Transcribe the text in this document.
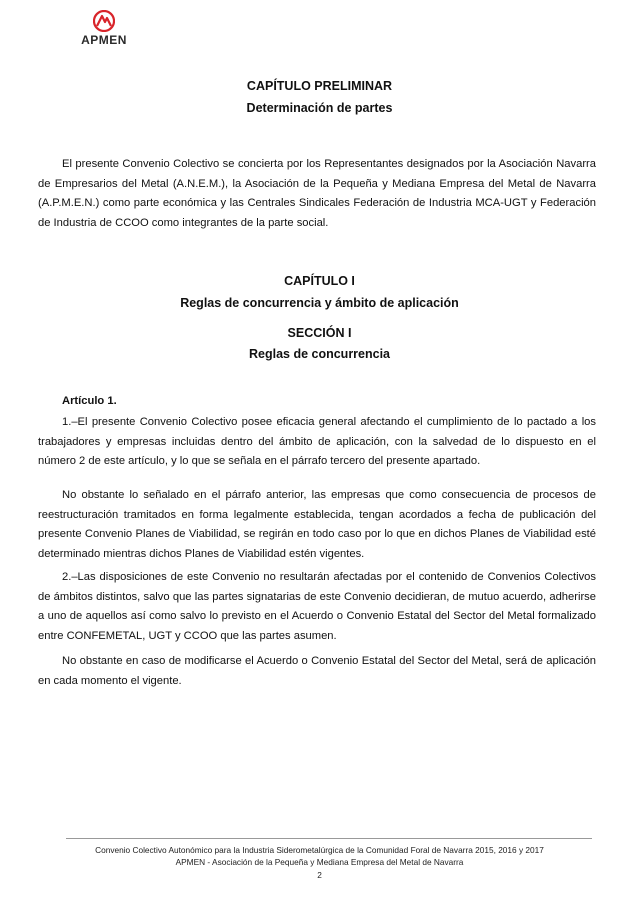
APMEN
CAPÍTULO PRELIMINAR
Determinación de partes

El presente Convenio Colectivo se concierta por los Representantes designados por la Asociación Navarra de Empresarios del Metal (A.N.E.M.), la Asociación de la Pequeña y Mediana Empresa del Metal de Navarra (A.P.M.E.N.) como parte económica y las Centrales Sindicales Federación de Industria MCA‐UGT y Federación de Industria de CCOO como integrantes de la parte social.

CAPÍTULO I
Reglas de concurrencia y ámbito de aplicación
SECCIÓN I
Reglas de concurrencia
Artículo 1.

1.–El presente Convenio Colectivo posee eficacia general afectando el cumplimiento de lo pactado a los trabajadores y empresas incluidas dentro del ámbito de aplicación, con la salvedad de lo dispuesto en el número 2 de este artículo, y lo que se señala en el párrafo tercero del presente apartado.

No obstante lo señalado en el párrafo anterior, las empresas que como consecuencia de procesos de reestructuración tramitados en forma legalmente establecida, tengan acordados a fecha de publicación del presente Convenio Planes de Viabilidad, se regirán en todo caso por lo que en dichos Planes de Viabilidad esté determinado mientras dichos Planes de Viabilidad estén vigentes.

2.–Las disposiciones de este Convenio no resultarán afectadas por el contenido de Convenios Colectivos de ámbitos distintos, salvo que las partes signatarias de este Convenio decidieran, de mutuo acuerdo, adherirse a uno de aquellos así como salvo lo previsto en el Acuerdo o Convenio Estatal del Sector del Metal formalizado entre CONFEMETAL, UGT y CCOO que las partes asumen.

No obstante en caso de modificarse el Acuerdo o Convenio Estatal del Sector del Metal, será de aplicación en cada momento el vigente.

Convenio Colectivo Autonómico para la Industria Siderometalúrgica de la Comunidad Foral de Navarra 2015, 2016 y 2017
APMEN - Asociación de la Pequeña y Mediana Empresa del Metal de Navarra
2
